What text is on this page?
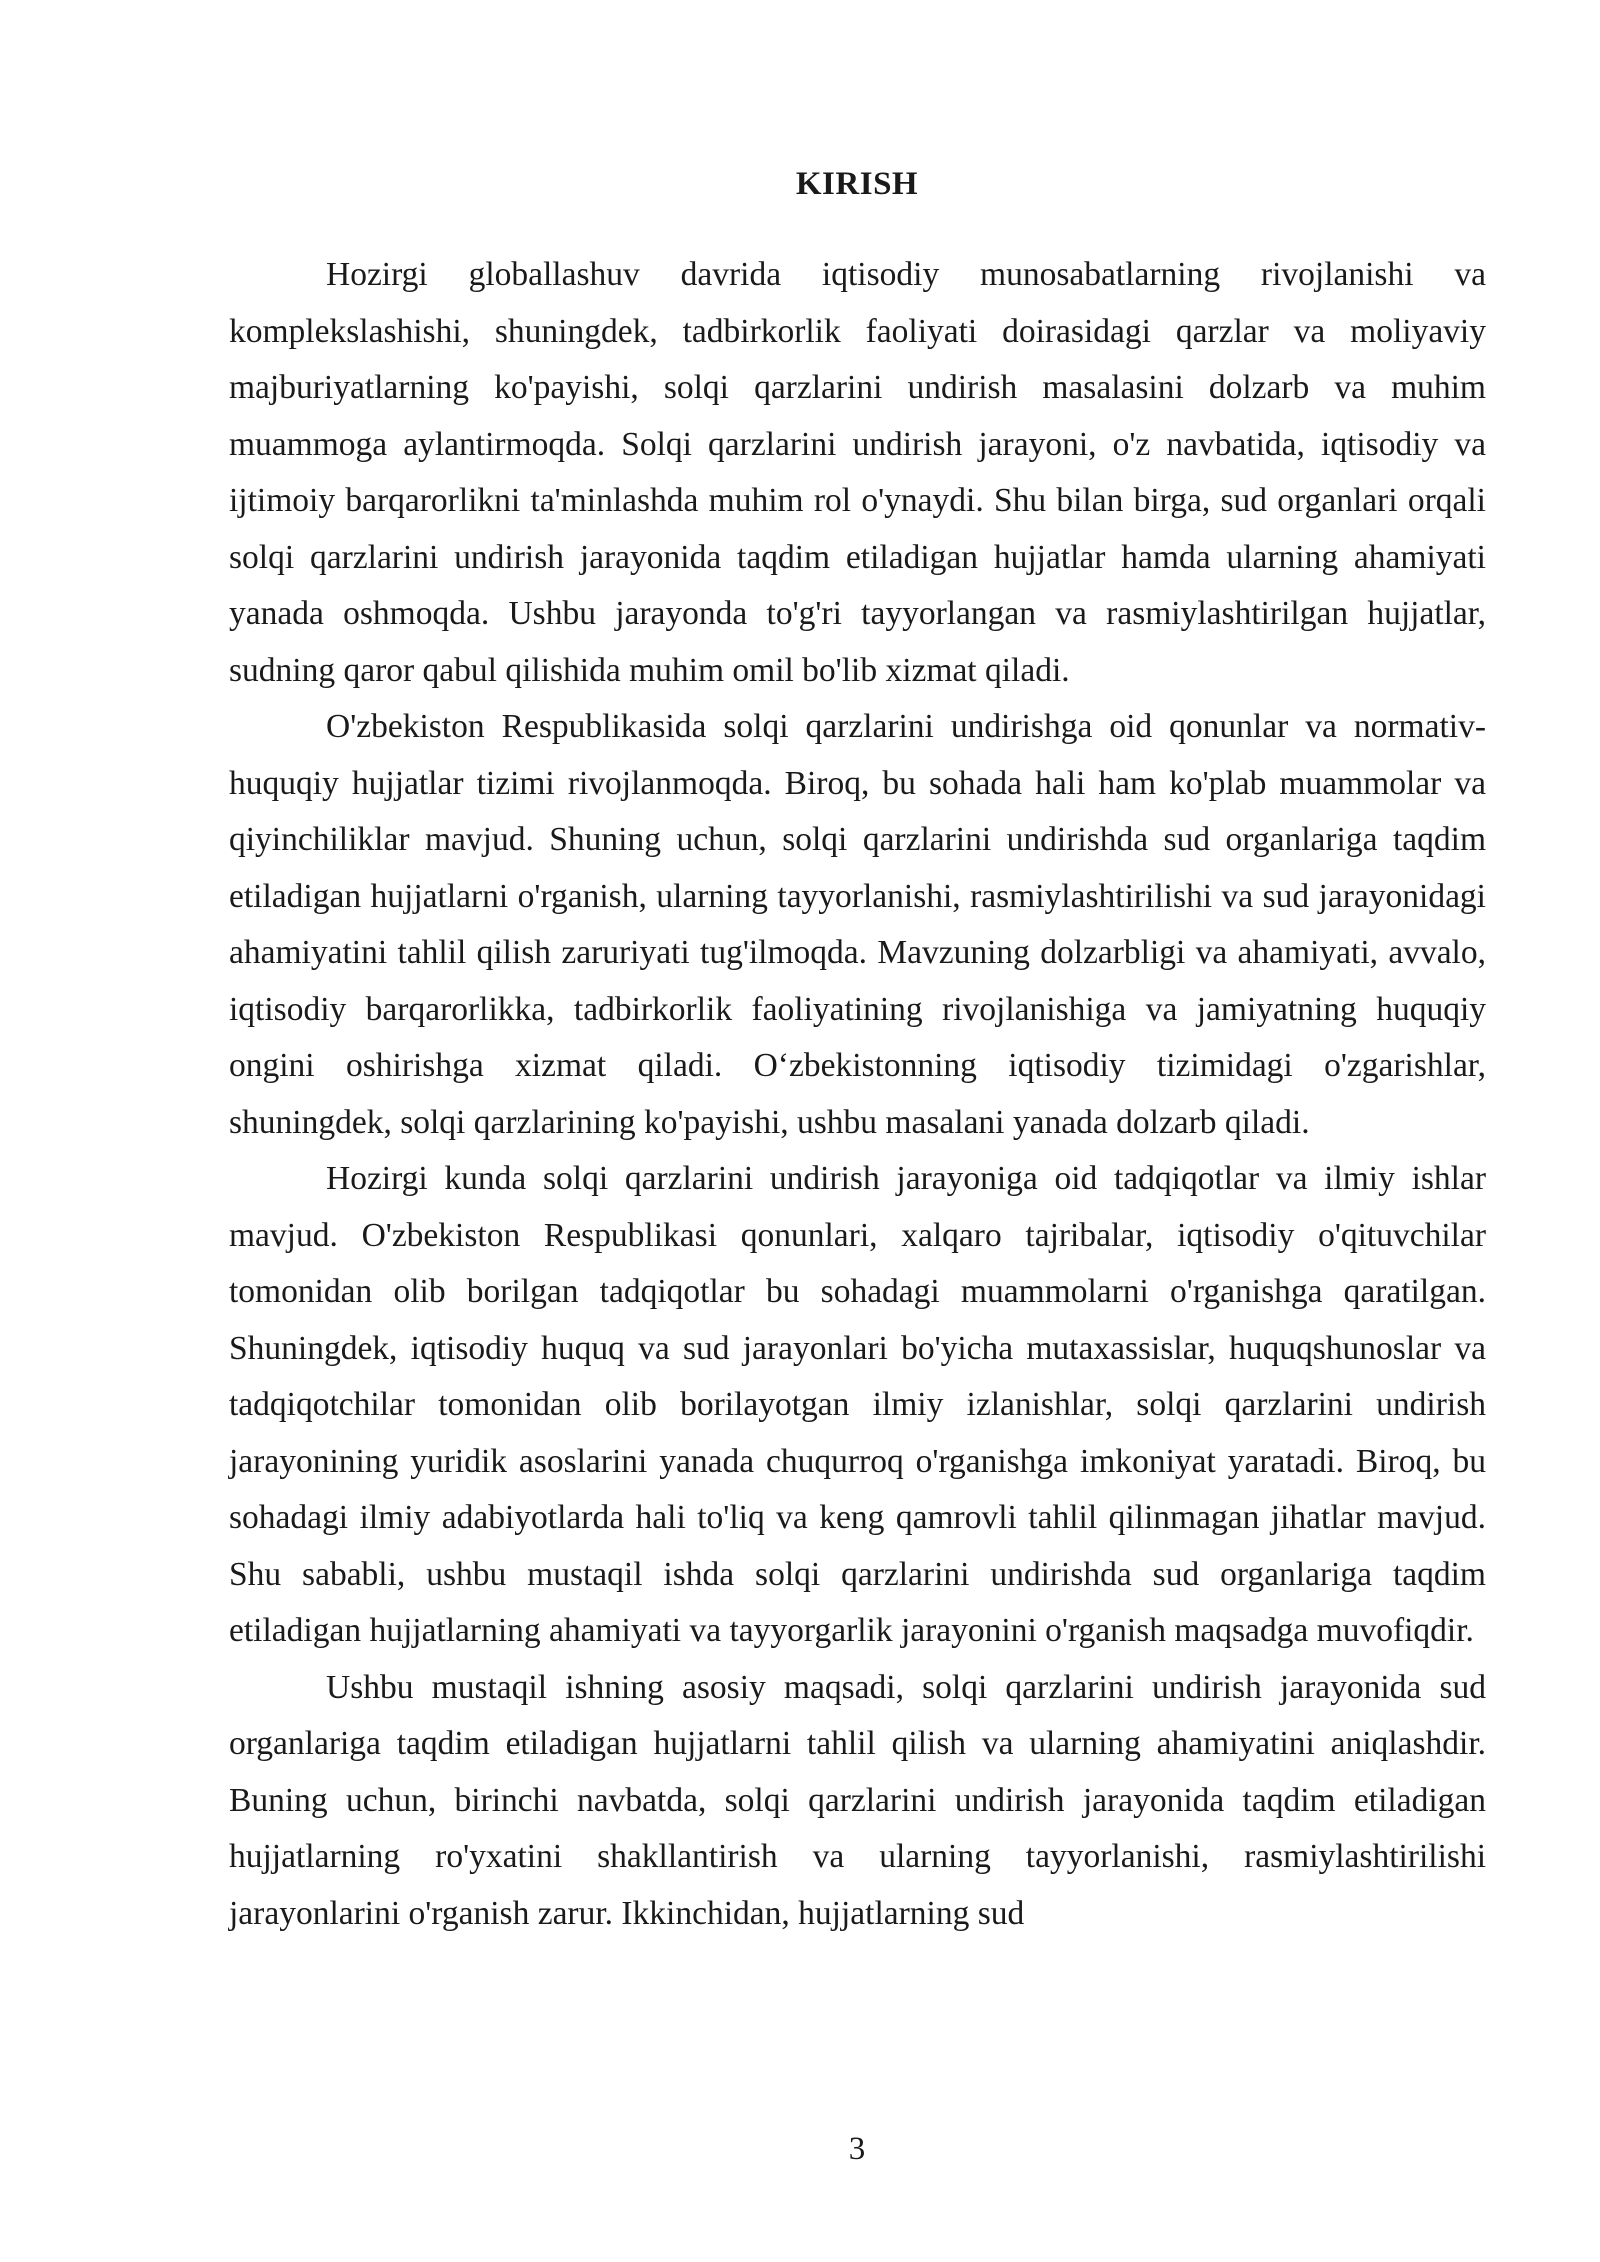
KIRISH

Hozirgi globallashuv davrida iqtisodiy munosabatlarning rivojlanishi va komplekslashishi, shuningdek, tadbirkorlik faoliyati doirasidagi qarzlar va moliyaviy majburiyatlarning ko'payishi, solqi qarzlarini undirish masalasini dolzarb va muhim muammoga aylantirmoqda. Solqi qarzlarini undirish jarayoni, o'z navbatida, iqtisodiy va ijtimoiy barqarorlikni ta'minlashda muhim rol o'ynaydi. Shu bilan birga, sud organlari orqali solqi qarzlarini undirish jarayonida taqdim etiladigan hujjatlar hamda ularning ahamiyati yanada oshmoqda. Ushbu jarayonda to'g'ri tayyorlangan va rasmiylashtirilgan hujjatlar, sudning qaror qabul qilishida muhim omil bo'lib xizmat qiladi.

O'zbekiston Respublikasida solqi qarzlarini undirishga oid qonunlar va normativ-huquqiy hujjatlar tizimi rivojlanmoqda. Biroq, bu sohada hali ham ko'plab muammolar va qiyinchiliklar mavjud. Shuning uchun, solqi qarzlarini undirishda sud organlariga taqdim etiladigan hujjatlarni o'rganish, ularning tayyorlanishi, rasmiylashtirilishi va sud jarayonidagi ahamiyatini tahlil qilish zaruriyati tug'ilmoqda. Mavzuning dolzarbligi va ahamiyati, avvalo, iqtisodiy barqarorlikka, tadbirkorlik faoliyatining rivojlanishiga va jamiyatning huquqiy ongini oshirishga xizmat qiladi. O‘zbekistonning iqtisodiy tizimidagi o'zgarishlar, shuningdek, solqi qarzlarining ko'payishi, ushbu masalani yanada dolzarb qiladi.

Hozirgi kunda solqi qarzlarini undirish jarayoniga oid tadqiqotlar va ilmiy ishlar mavjud. O'zbekiston Respublikasi qonunlari, xalqaro tajribalar, iqtisodiy o'qituvchilar tomonidan olib borilgan tadqiqotlar bu sohadagi muammolarni o'rganishga qaratilgan. Shuningdek, iqtisodiy huquq va sud jarayonlari bo'yicha mutaxassislar, huquqshunoslar va tadqiqotchilar tomonidan olib borilayotgan ilmiy izlanishlar, solqi qarzlarini undirish jarayonining yuridik asoslarini yanada chuqurroq o'rganishga imkoniyat yaratadi. Biroq, bu sohadagi ilmiy adabiyotlarda hali to'liq va keng qamrovli tahlil qilinmagan jihatlar mavjud. Shu sababli, ushbu mustaqil ishda solqi qarzlarini undirishda sud organlariga taqdim etiladigan hujjatlarning ahamiyati va tayyorgarlik jarayonini o'rganish maqsadga muvofiqdir.

Ushbu mustaqil ishning asosiy maqsadi, solqi qarzlarini undirish jarayonida sud organlariga taqdim etiladigan hujjatlarni tahlil qilish va ularning ahamiyatini aniqlashdir. Buning uchun, birinchi navbatda, solqi qarzlarini undirish jarayonida taqdim etiladigan hujjatlarning ro'yxatini shakllantirish va ularning tayyorlanishi, rasmiylashtirilishi jarayonlarini o'rganish zarur. Ikkinchidan, hujjatlarning sud

3
